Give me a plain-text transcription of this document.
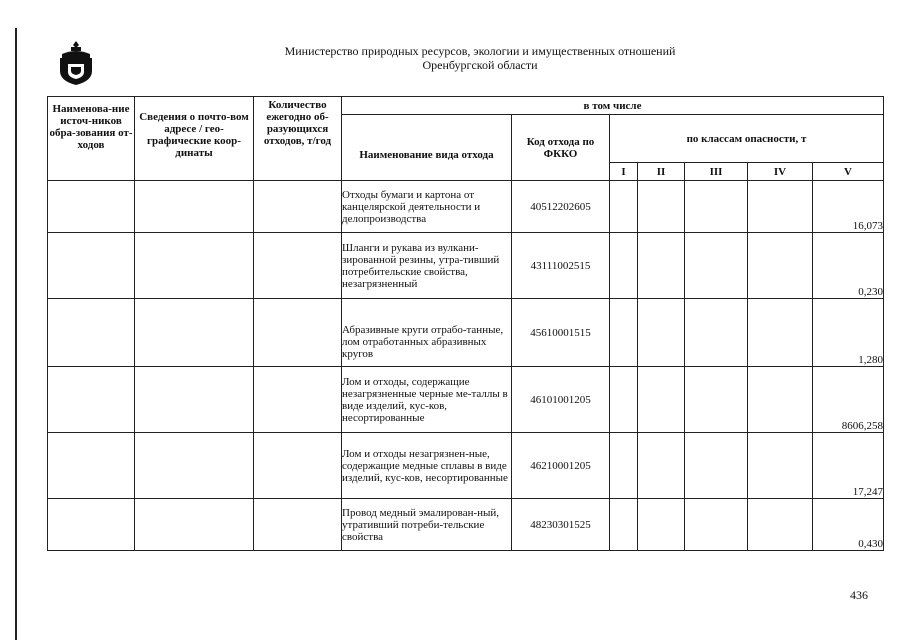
Министерство природных ресурсов, экологии и имущественных отношений
Оренбургской области
Наименова-ние источ-ников обра-зования от-ходов	Сведения о почто-вом адресе / гео-графические коор-динаты	Количество ежегодно об-разующихся отходов, т/год	в том числе						
			Наименование вида отхода	Код отхода по ФККО	по классам опасности, т				
					I	II	III	IV	V
			Отходы бумаги и картона от канцелярской деятельности и делопроизводства	40512202605					16,073
			Шланги и рукава из вулкани-зированной резины, утра-тивший потребительские свойства, незагрязненный	43111002515					0,230
			Абразивные круги отрабо-танные, лом отработанных абразивных кругов	45610001515					1,280
			Лом и отходы, содержащие незагрязненные черные ме-таллы в виде изделий, кус-ков, несортированные	46101001205					8606,258
			Лом и отходы незагрязнен-ные, содержащие медные сплавы в виде изделий, кус-ков, несортированные	46210001205					17,247
			Провод медный эмалирован-ный, утративший потреби-тельские свойства	48230301525					0,430
436
